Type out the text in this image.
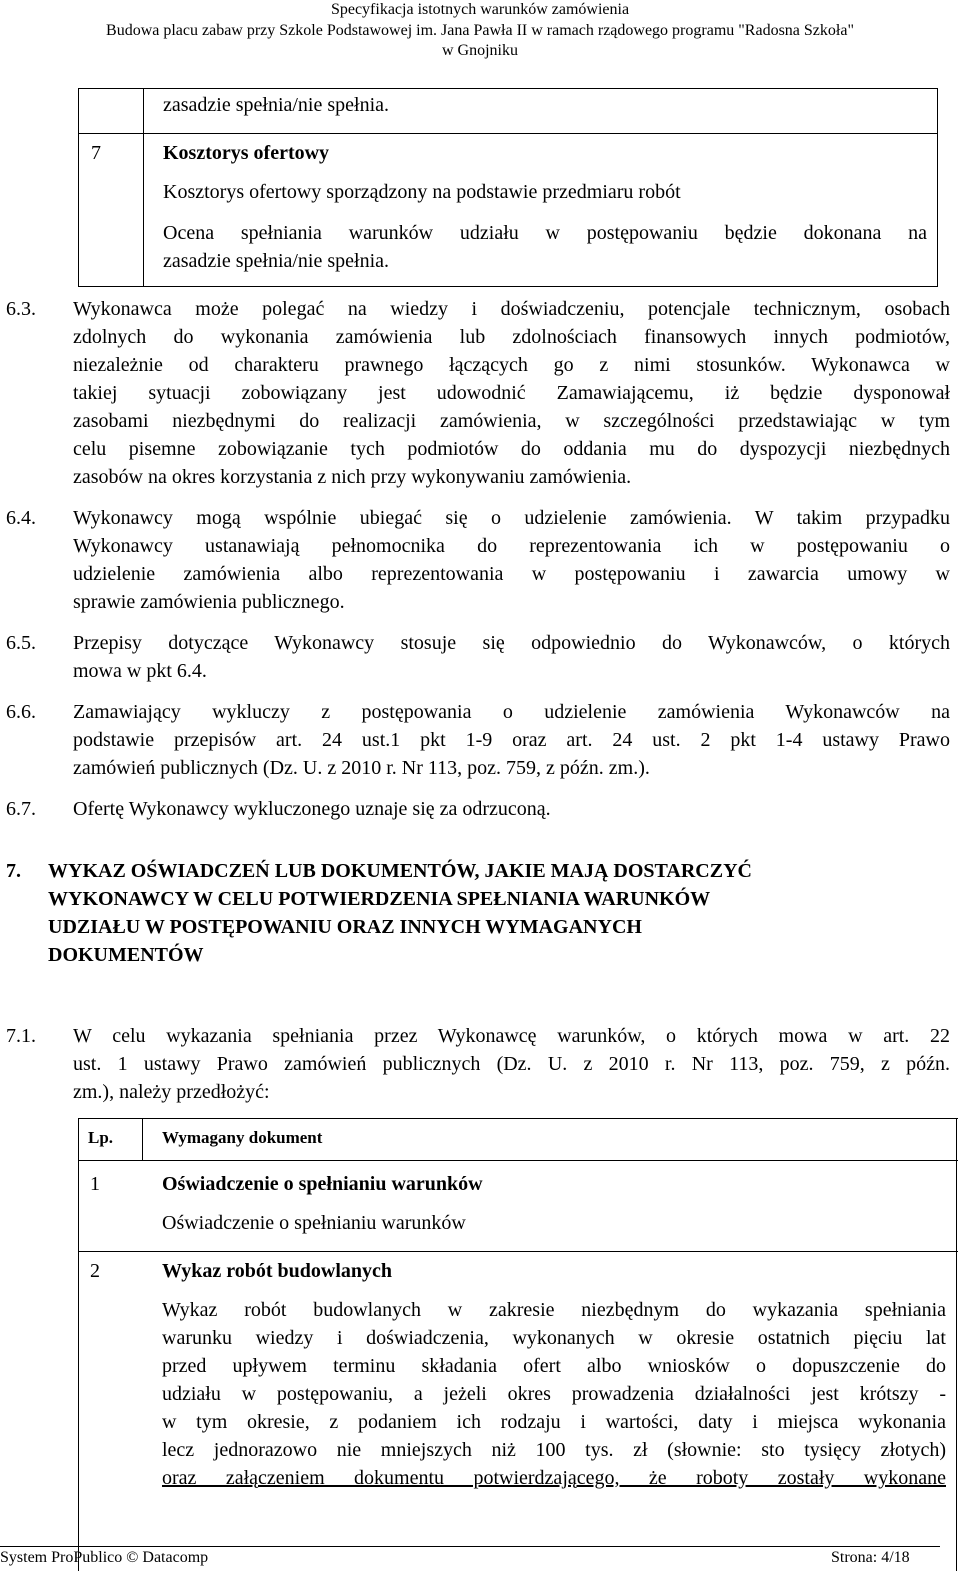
Specyfikacja istotnych warunków zamówienia
Budowa placu zabaw przy Szkole Podstawowej im. Jana Pawła II w ramach rządowego programu "Radosna Szkoła"
w Gnojniku
zasadzie spełnia/nie spełnia.
7	Kosztorys ofertowy
Kosztorys ofertowy sporządzony na podstawie przedmiaru robót
Ocena spełniania warunków udziału w postępowaniu będzie dokonana na
zasadzie spełnia/nie spełnia.
6.3. Wykonawca może polegać na wiedzy i doświadczeniu, potencjale technicznym, osobach
zdolnych do wykonania zamówienia lub zdolnościach finansowych innych podmiotów,
niezależnie od charakteru prawnego łączących go z nimi stosunków. Wykonawca w
takiej sytuacji zobowiązany jest udowodnić Zamawiającemu, iż będzie dysponował
zasobami niezbędnymi do realizacji zamówienia, w szczególności przedstawiając w tym
celu pisemne zobowiązanie tych podmiotów do oddania mu do dyspozycji niezbędnych
zasobów na okres korzystania z nich przy wykonywaniu zamówienia.
6.4. Wykonawcy mogą wspólnie ubiegać się o udzielenie zamówienia. W takim przypadku
Wykonawcy ustanawiają pełnomocnika do reprezentowania ich w postępowaniu o
udzielenie zamówienia albo reprezentowania w postępowaniu i zawarcia umowy w
sprawie zamówienia publicznego.
6.5. Przepisy dotyczące Wykonawcy stosuje się odpowiednio do Wykonawców, o których
mowa w pkt 6.4.
6.6. Zamawiający wykluczy z postępowania o udzielenie zamówienia Wykonawców na
podstawie przepisów art. 24 ust.1 pkt 1-9 oraz art. 24 ust. 2 pkt 1-4 ustawy Prawo
zamówień publicznych (Dz. U. z 2010 r. Nr 113, poz. 759, z późn. zm.).
6.7. Ofertę Wykonawcy wykluczonego uznaje się za odrzuconą.
7. WYKAZ OŚWIADCZEŃ LUB DOKUMENTÓW, JAKIE MAJĄ DOSTARCZYĆ
WYKONAWCY W CELU POTWIERDZENIA SPEŁNIANIA WARUNKÓW
UDZIAŁU W POSTĘPOWANIU ORAZ INNYCH WYMAGANYCH
DOKUMENTÓW
7.1. W celu wykazania spełniania przez Wykonawcę warunków, o których mowa w art. 22
ust. 1 ustawy Prawo zamówień publicznych (Dz. U. z 2010 r. Nr 113, poz. 759, z późn.
zm.), należy przedłożyć:
Lp.	Wymagany dokument
1	Oświadczenie o spełnianiu warunków
Oświadczenie o spełnianiu warunków
2	Wykaz robót budowlanych
Wykaz robót budowlanych w zakresie niezbędnym do wykazania spełniania
warunku wiedzy i doświadczenia, wykonanych w okresie ostatnich pięciu lat
przed upływem terminu składania ofert albo wniosków o dopuszczenie do
udziału w postępowaniu, a jeżeli okres prowadzenia działalności jest krótszy -
w tym okresie, z podaniem ich rodzaju i wartości, daty i miejsca wykonania
lecz jednorazowo nie mniejszych niż 100 tys. zł (słownie: sto tysięcy złotych)
oraz załączeniem dokumentu potwierdzającego, że roboty zostały wykonane
System ProPublico © Datacomp	Strona: 4/18
